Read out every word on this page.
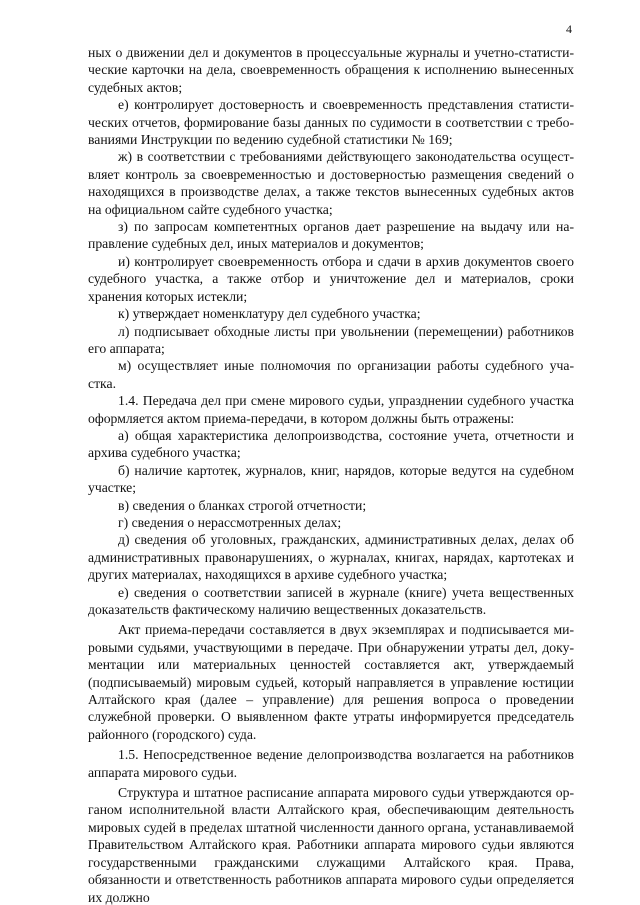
4

ных о движении дел и документов в процессуальные журналы и учетно-статистические карточки на дела, своевременность обращения к исполнению вынесенных судебных актов;

е) контролирует достоверность и своевременность представления статистических отчетов, формирование базы данных по судимости в соответствии с требованиями Инструкции по ведению судебной статистики № 169;

ж) в соответствии с требованиями действующего законодательства осуществляет контроль за своевременностью и достоверностью размещения сведений о находящихся в производстве делах, а также текстов вынесенных судебных актов на официальном сайте судебного участка;

з) по запросам компетентных органов дает разрешение на выдачу или направление судебных дел, иных материалов и документов;

и) контролирует своевременность отбора и сдачи в архив документов своего судебного участка, а также отбор и уничтожение дел и материалов, сроки хранения которых истекли;

к) утверждает номенклатуру дел судебного участка;

л) подписывает обходные листы при увольнении (перемещении) работников его аппарата;

м) осуществляет иные полномочия по организации работы судебного участка.

1.4. Передача дел при смене мирового судьи, упразднении судебного участка оформляется актом приема-передачи, в котором должны быть отражены:

а) общая характеристика делопроизводства, состояние учета, отчетности и архива судебного участка;

б) наличие картотек, журналов, книг, нарядов, которые ведутся на судебном участке;

в) сведения о бланках строгой отчетности;

г) сведения о нерассмотренных делах;

д) сведения об уголовных, гражданских, административных делах, делах об административных правонарушениях, о журналах, книгах, нарядах, картотеках и других материалах, находящихся в архиве судебного участка;

е) сведения о соответствии записей в журнале (книге) учета вещественных доказательств фактическому наличию вещественных доказательств.

Акт приема-передачи составляется в двух экземплярах и подписывается мировыми судьями, участвующими в передаче. При обнаружении утраты дел, документации или материальных ценностей составляется акт, утверждаемый (подписываемый) мировым судьей, который направляется в управление юстиции Алтайского края (далее – управление) для решения вопроса о проведении служебной проверки. О выявленном факте утраты информируется председатель районного (городского) суда.

1.5. Непосредственное ведение делопроизводства возлагается на работников аппарата мирового судьи.

Структура и штатное расписание аппарата мирового судьи утверждаются органом исполнительной власти Алтайского края, обеспечивающим деятельность мировых судей в пределах штатной численности данного органа, устанавливаемой Правительством Алтайского края. Работники аппарата мирового судьи являются государственными гражданскими служащими Алтайского края. Права, обязанности и ответственность работников аппарата мирового судьи определяется их должно
